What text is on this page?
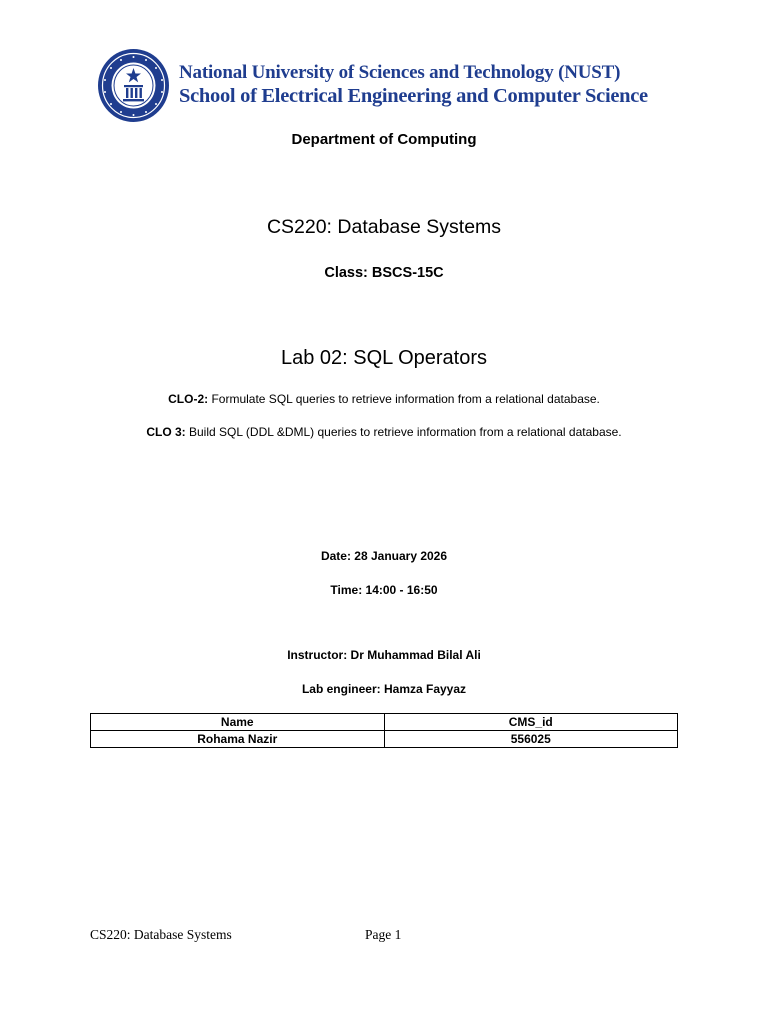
National University of Sciences and Technology (NUST)
School of Electrical Engineering and Computer Science
Department of Computing
CS220: Database Systems
Class: BSCS-15C
Lab 02: SQL Operators
CLO-2: Formulate SQL queries to retrieve information from a relational database.
CLO 3: Build SQL (DDL &DML) queries to retrieve information from a relational database.
Date: 28 January 2026
Time: 14:00 - 16:50
Instructor: Dr Muhammad Bilal Ali
Lab engineer: Hamza Fayyaz
Name	CMS_id
Rohama Nazir	556025
CS220: Database Systems	Page 1
